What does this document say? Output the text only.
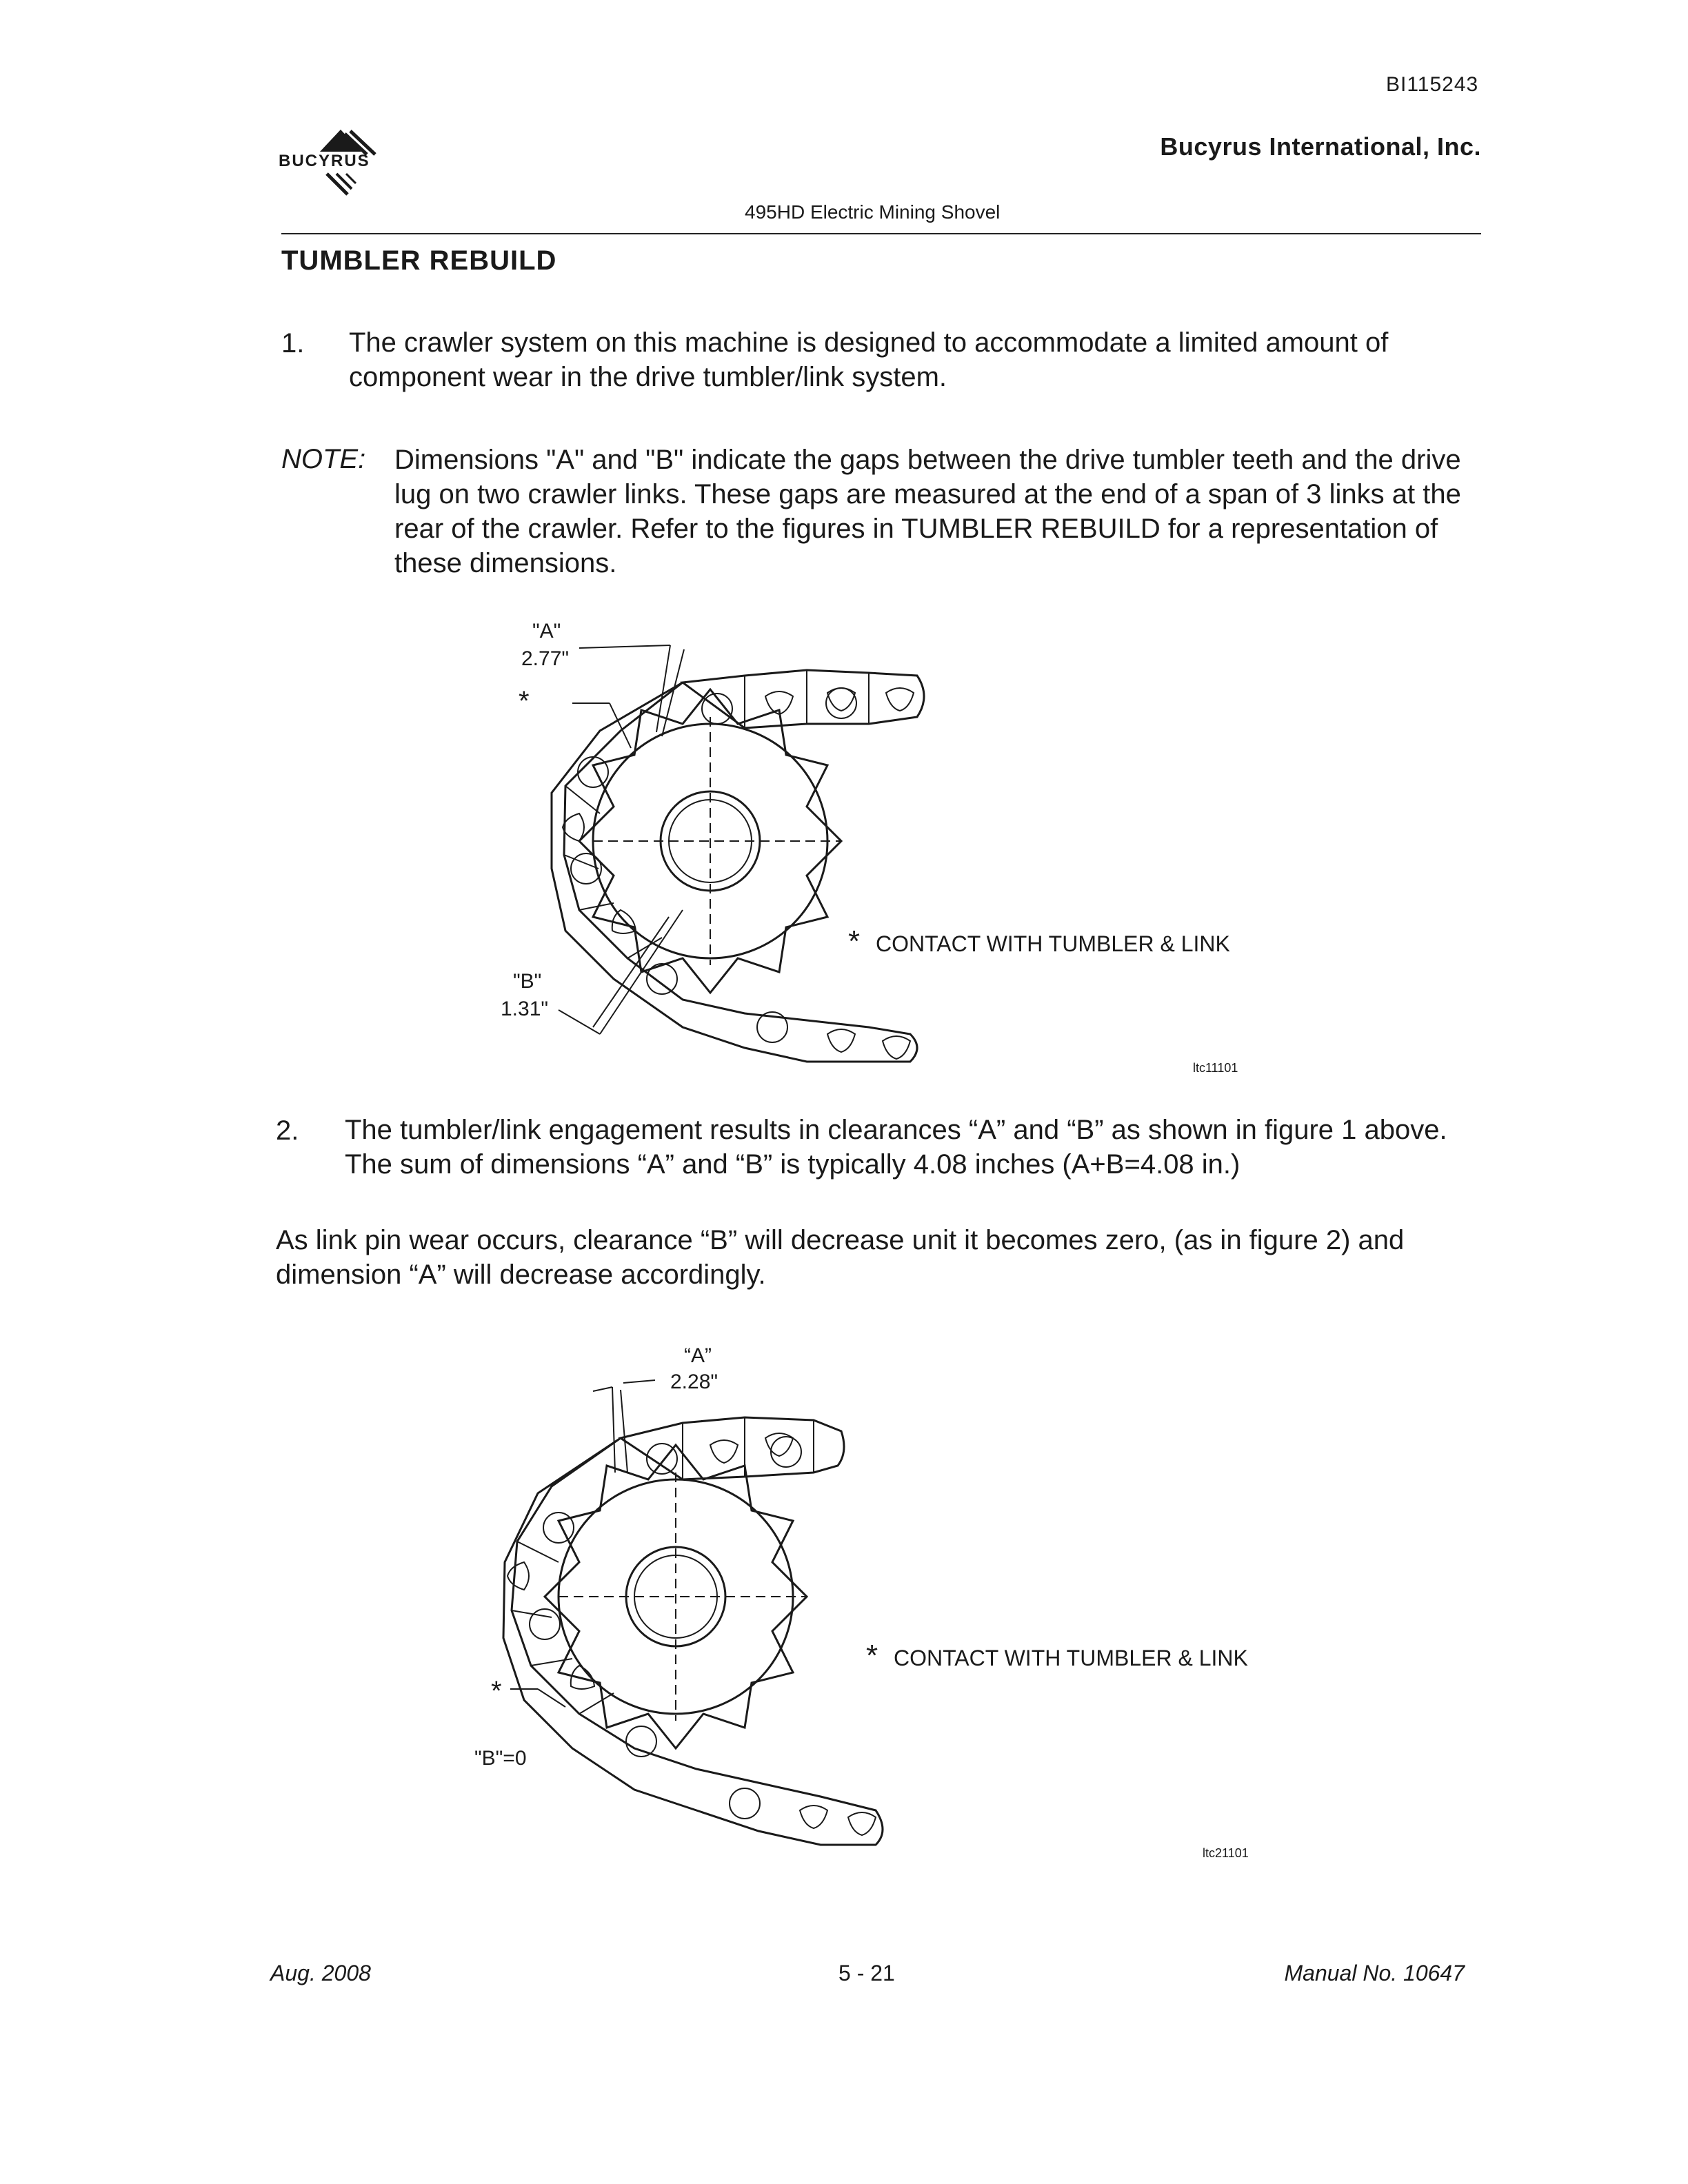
BI115243
BUCYRUS
Bucyrus International, Inc.
495HD Electric Mining Shovel
TUMBLER REBUILD
1. The crawler system on this machine is designed to accommodate a limited amount of component wear in the drive tumbler/link system.
NOTE: Dimensions "A" and "B" indicate the gaps between the drive tumbler teeth and the drive lug on two crawler links. These gaps are measured at the end of a span of 3 links at the rear of the crawler. Refer to the figures in TUMBLER REBUILD for a representation of these dimensions.
"A"
2.77"
*
"B"
1.31"
* CONTACT WITH TUMBLER & LINK
ltc11101
2. The tumbler/link engagement results in clearances “A” and “B” as shown in figure 1 above. The sum of dimensions “A” and “B” is typically 4.08 inches (A+B=4.08 in.)
As link pin wear occurs, clearance “B” will decrease unit it becomes zero, (as in figure 2) and dimension “A” will decrease accordingly.
“A”
2.28"
*
"B"=0
* CONTACT WITH TUMBLER & LINK
ltc21101
Aug. 2008	5 - 21	Manual No. 10647
